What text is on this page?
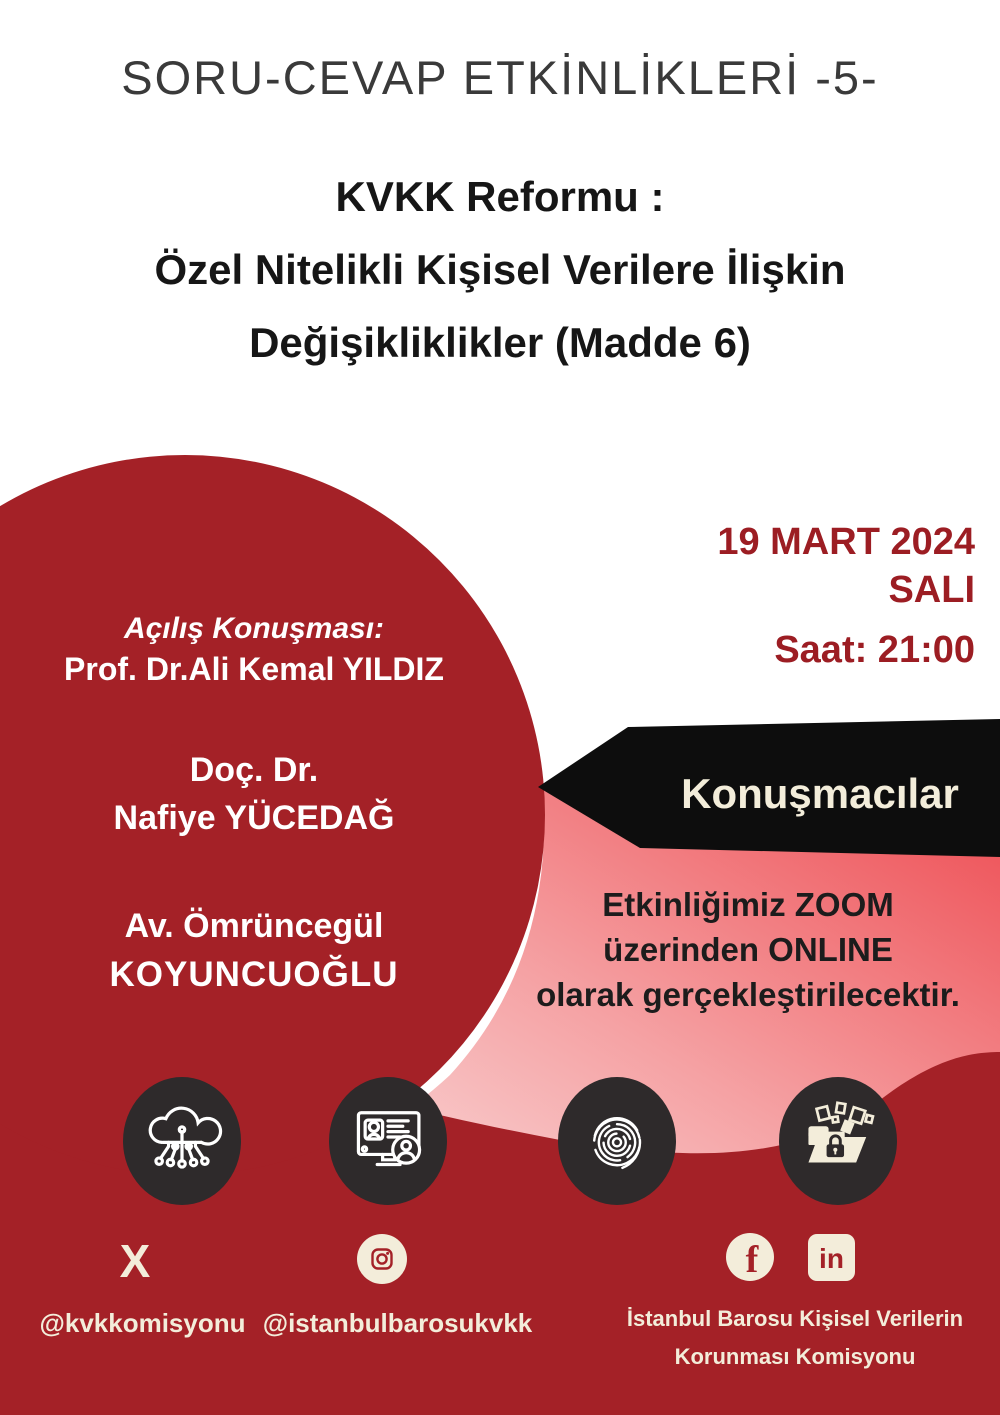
SORU-CEVAP ETKİNLİKLERİ -5-
KVKK Reformu :
Özel Nitelikli Kişisel Verilere İlişkin
Değişikliklikler (Madde 6)
19 MART 2024
SALI
Saat: 21:00
Açılış Konuşması:
Prof. Dr.Ali Kemal YILDIZ
Doç. Dr.
Nafiye YÜCEDAĞ
Av. Ömrüncegül
KOYUNCUOĞLU
Konuşmacılar
Etkinliğimiz ZOOM
üzerinden ONLINE
olarak gerçekleştirilecektir.
X
@kvkkomisyonu @istanbulbarosukvkk
f in
İstanbul Barosu Kişisel Verilerin
Korunması Komisyonu
